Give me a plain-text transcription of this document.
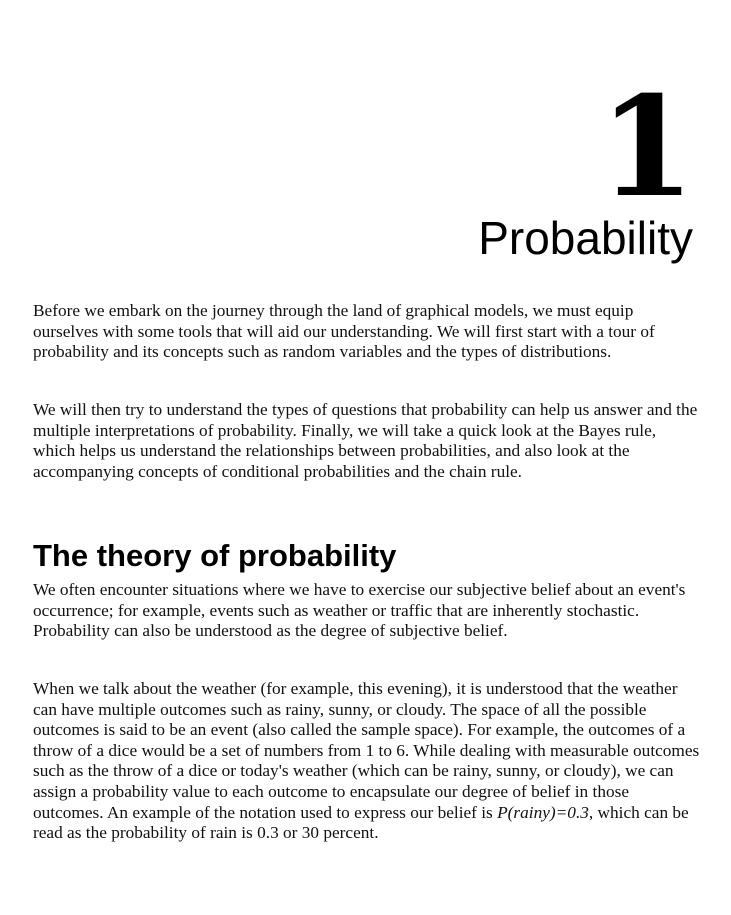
1
Probability

Before we embark on the journey through the land of graphical models, we must equip ourselves with some tools that will aid our understanding. We will first start with a tour of probability and its concepts such as random variables and the types of distributions.

We will then try to understand the types of questions that probability can help us answer and the multiple interpretations of probability. Finally, we will take a quick look at the Bayes rule, which helps us understand the relationships between probabilities, and also look at the accompanying concepts of conditional probabilities and the chain rule.

The theory of probability

We often encounter situations where we have to exercise our subjective belief about an event's occurrence; for example, events such as weather or traffic that are inherently stochastic. Probability can also be understood as the degree of subjective belief.

When we talk about the weather (for example, this evening), it is understood that the weather can have multiple outcomes such as rainy, sunny, or cloudy. The space of all the possible outcomes is said to be an event (also called the sample space). For example, the outcomes of a throw of a dice would be a set of numbers from 1 to 6. While dealing with measurable outcomes such as the throw of a dice or today's weather (which can be rainy, sunny, or cloudy), we can assign a probability value to each outcome to encapsulate our degree of belief in those outcomes. An example of the notation used to express our belief is P(rainy)=0.3, which can be read as the probability of rain is 0.3 or 30 percent.
